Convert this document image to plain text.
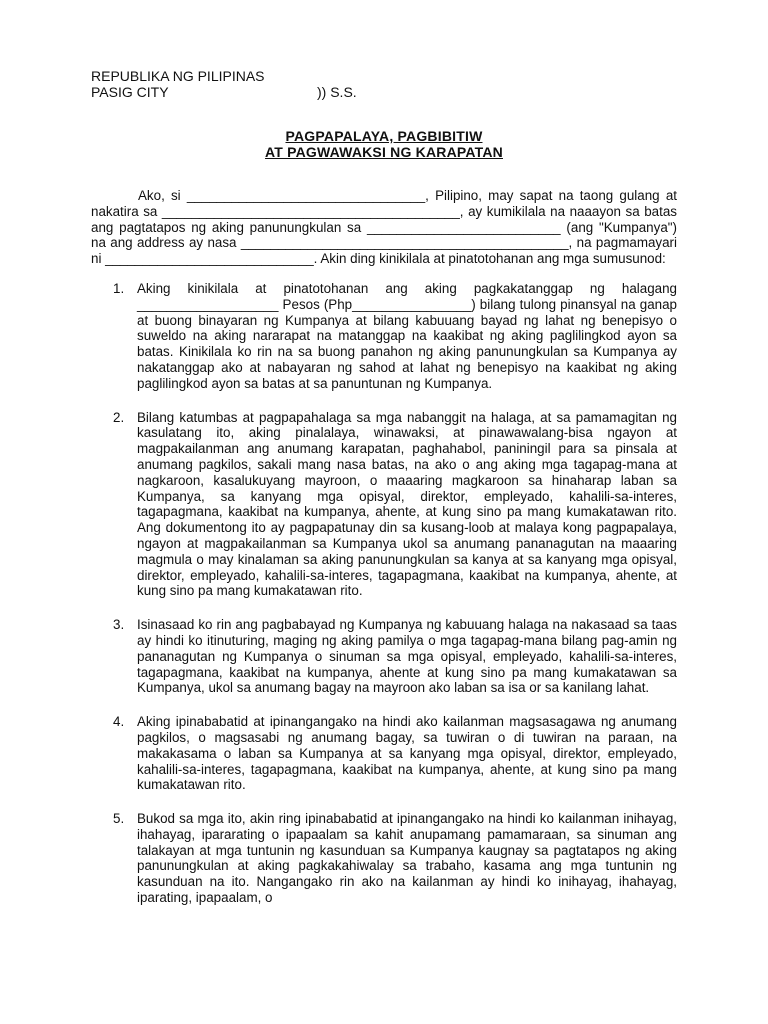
REPUBLIKA NG PILIPINAS
PASIG CITY	)) S.S.
PAGPAPALAYA, PAGBIBITIW
AT PAGWAWAKSI NG KARAPATAN

Ako, si ________________________________, Pilipino, may sapat na taong gulang at nakatira sa ________________________________________, ay kumikilala na naaayon sa batas ang pagtatapos ng aking panunungkulan sa __________________________ (ang "Kumpanya") na ang address ay nasa ____________________________________________, na pagmamayari ni ____________________________. Akin ding kinikilala at pinatotohanan ang mga sumusunod:

1. Aking kinikilala at pinatotohanan ang aking pagkakatanggap ng halagang ___________________ Pesos (Php________________) bilang tulong pinansyal na ganap at buong binayaran ng Kumpanya at bilang kabuuang bayad ng lahat ng benepisyo o suweldo na aking nararapat na matanggap na kaakibat ng aking paglilingkod ayon sa batas. Kinikilala ko rin na sa buong panahon ng aking panunungkulan sa Kumpanya ay nakatanggap ako at nabayaran ng sahod at lahat ng benepisyo na kaakibat ng aking paglilingkod ayon sa batas at sa panuntunan ng Kumpanya.

2. Bilang katumbas at pagpapahalaga sa mga nabanggit na halaga, at sa pamamagitan ng kasulatang ito, aking pinalalaya, winawaksi, at pinawawalang-bisa ngayon at magpakailanman ang anumang karapatan, paghahabol, paniningil para sa pinsala at anumang pagkilos, sakali mang nasa batas, na ako o ang aking mga tagapag-mana at nagkaroon, kasalukuyang mayroon, o maaaring magkaroon sa hinaharap laban sa Kumpanya, sa kanyang mga opisyal, direktor, empleyado, kahalili-sa-interes, tagapagmana, kaakibat na kumpanya, ahente, at kung sino pa mang kumakatawan rito. Ang dokumentong ito ay pagpapatunay din sa kusang-loob at malaya kong pagpapalaya, ngayon at magpakailanman sa Kumpanya ukol sa anumang pananagutan na maaaring magmula o may kinalaman sa aking panunungkulan sa kanya at sa kanyang mga opisyal, direktor, empleyado, kahalili-sa-interes, tagapagmana, kaakibat na kumpanya, ahente, at kung sino pa mang kumakatawan rito.

3. Isinasaad ko rin ang pagbabayad ng Kumpanya ng kabuuang halaga na nakasaad sa taas ay hindi ko itinuturing, maging ng aking pamilya o mga tagapag-mana bilang pag-amin ng pananagutan ng Kumpanya o sinuman sa mga opisyal, empleyado, kahalili-sa-interes, tagapagmana, kaakibat na kumpanya, ahente at kung sino pa mang kumakatawan sa Kumpanya, ukol sa anumang bagay na mayroon ako laban sa isa or sa kanilang lahat.

4. Aking ipinababatid at ipinangangako na hindi ako kailanman magsasagawa ng anumang pagkilos, o magsasabi ng anumang bagay, sa tuwiran o di tuwiran na paraan, na makakasama o laban sa Kumpanya at sa kanyang mga opisyal, direktor, empleyado, kahalili-sa-interes, tagapagmana, kaakibat na kumpanya, ahente, at kung sino pa mang kumakatawan rito.

5. Bukod sa mga ito, akin ring ipinababatid at ipinangangako na hindi ko kailanman inihayag, ihahayag, ipararating o ipapaalam sa kahit anupamang pamamaraan, sa sinuman ang talakayan at mga tuntunin ng kasunduan sa Kumpanya kaugnay sa pagtatapos ng aking panunungkulan at aking pagkakahiwalay sa trabaho, kasama ang mga tuntunin ng kasunduan na ito. Nangangako rin ako na kailanman ay hindi ko inihayag, ihahayag, iparating, ipapaalam, o
